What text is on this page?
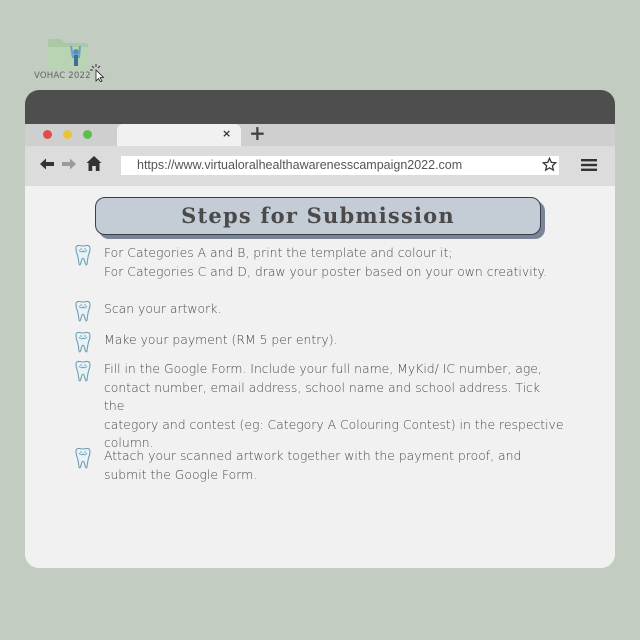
VOHAC 2022
× +
https://www.virtualoralhealthawarenesscampaign2022.com
Steps for Submission
For Categories A and B, print the template and colour it;
For Categories C and D, draw your poster based on your own creativity.
Scan your artwork.
Make your payment (RM 5 per entry).
Fill in the Google Form. Include your full name, MyKid/ IC number, age,
contact number, email address, school name and school address. Tick the
category and contest (eg: Category A Colouring Contest) in the respective
column.
Attach your scanned artwork together with the payment proof, and
submit the Google Form.
